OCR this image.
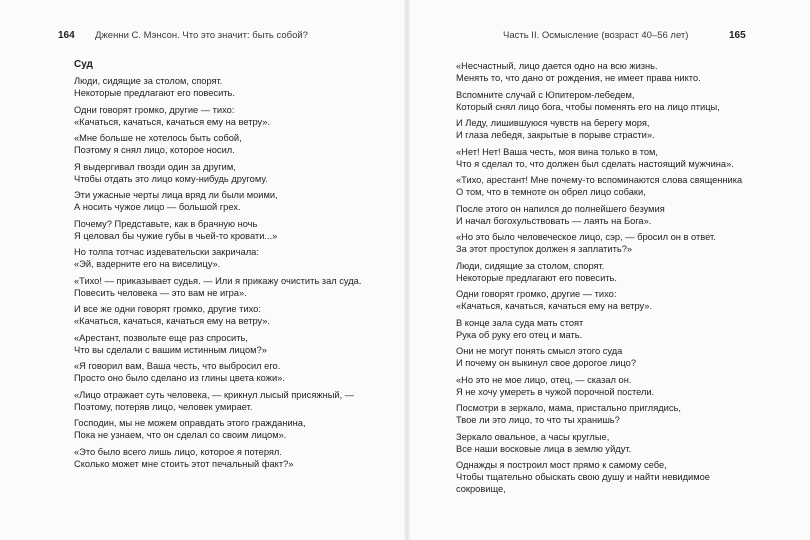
164 Дженни С. Мэнсон. Что это значит: быть собой?
Суд
Люди, сидящие за столом, спорят.
Некоторые предлагают его повесить.
Одни говорят громко, другие — тихо:
«Качаться, качаться, качаться ему на ветру».
«Мне больше не хотелось быть собой,
Поэтому я снял лицо, которое носил.
Я выдергивал гвозди один за другим,
Чтобы отдать это лицо кому-нибудь другому.
Эти ужасные черты лица вряд ли были моими,
А носить чужое лицо — большой грех.
Почему? Представьте, как в брачную ночь
Я целовал бы чужие губы в чьей-то кровати...»
Но толпа тотчас издевательски закричала:
«Эй, вздерните его на виселицу».
«Тихо! — приказывает судья. — Или я прикажу очистить зал суда.
Повесить человека — это вам не игра».
И все же одни говорят громко, другие тихо:
«Качаться, качаться, качаться ему на ветру».
«Арестант, позвольте еще раз спросить,
Что вы сделали с вашим истинным лицом?»
«Я говорил вам, Ваша честь, что выбросил его.
Просто оно было сделано из глины цвета кожи».
«Лицо отражает суть человека, — крикнул лысый присяжный, —
Поэтому, потеряв лицо, человек умирает.
Господин, мы не можем оправдать этого гражданина,
Пока не узнаем, что он сделал со своим лицом».
«Это было всего лишь лицо, которое я потерял.
Сколько может мне стоить этот печальный факт?»
Часть II. Осмысление (возраст 40–56 лет)	165
«Несчастный, лицо дается одно на всю жизнь.
Менять то, что дано от рождения, не имеет права никто.
Вспомните случай с Юпитером-лебедем,
Который снял лицо бога, чтобы поменять его на лицо птицы,
И Леду, лишившуюся чувств на берегу моря,
И глаза лебедя, закрытые в порыве страсти».
«Нет! Нет! Ваша честь, моя вина только в том,
Что я сделал то, что должен был сделать настоящий мужчина».
«Тихо, арестант! Мне почему-то вспоминаются слова священника
О том, что в темноте он обрел лицо собаки,
После этого он напился до полнейшего безумия
И начал богохульствовать — лаять на Бога».
«Но это было человеческое лицо, сэр, — бросил он в ответ.
За этот проступок должен я заплатить?»
Люди, сидящие за столом, спорят.
Некоторые предлагают его повесить.
Одни говорят громко, другие — тихо:
«Качаться, качаться, качаться ему на ветру».
В конце зала суда мать стоят
Рука об руку его отец и мать.
Они не могут понять смысл этого суда
И почему он выкинул свое дорогое лицо?
«Но это не мое лицо, отец, — сказал он.
Я не хочу умереть в чужой порочной постели.
Посмотри в зеркало, мама, пристально приглядись,
Твое ли это лицо, то что ты хранишь?
Зеркало овальное, а часы круглые,
Все наши восковые лица в землю уйдут.
Однажды я построил мост прямо к самому себе,
Чтобы тщательно обыскать свою душу и найти невидимое
сокровище,
